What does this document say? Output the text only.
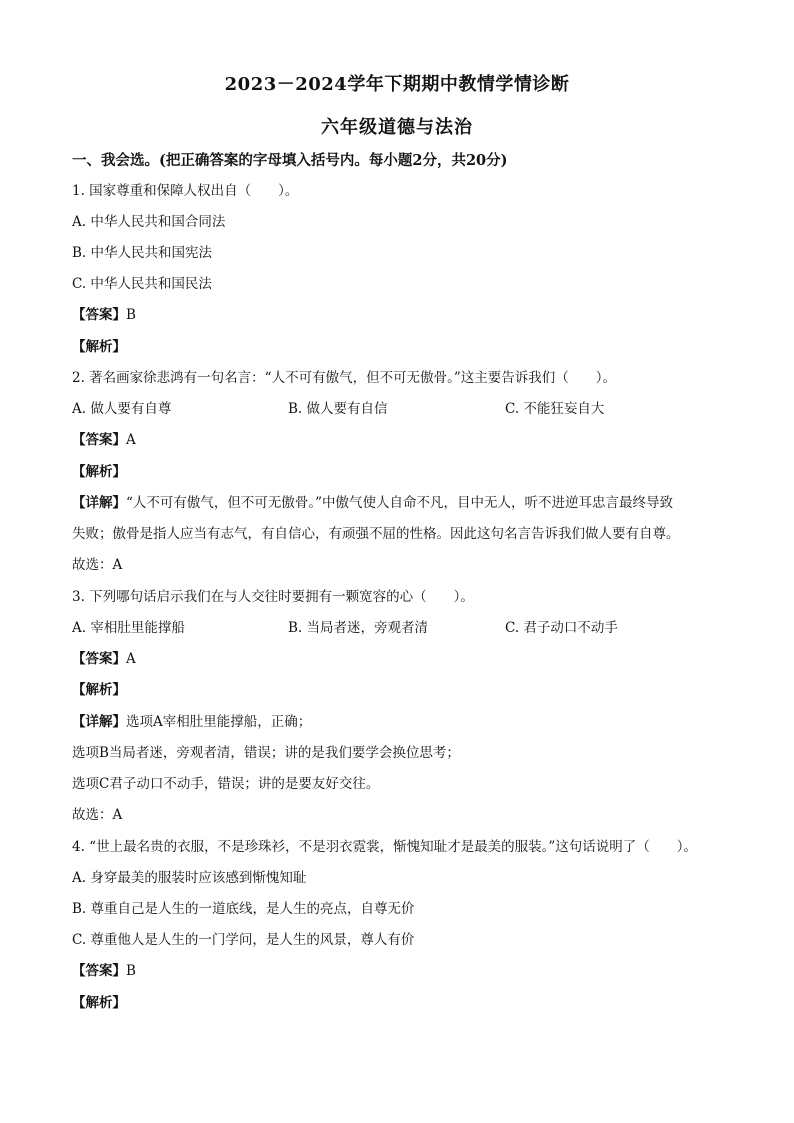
2023－2024学年下期期中教情学情诊断
六年级道德与法治
一、我会选。(把正确答案的字母填入括号内。每小题2分，共20分)
1. 国家尊重和保障人权出自（　　）。
A. 中华人民共和国合同法
B. 中华人民共和国宪法
C. 中华人民共和国民法
【答案】B
【解析】
2. 著名画家徐悲鸿有一句名言：“人不可有傲气，但不可无傲骨。”这主要告诉我们（　　）。
A. 做人要有自尊	B. 做人要有自信	C. 不能狂妄自大
【答案】A
【解析】
【详解】“人不可有傲气，但不可无傲骨。”中傲气使人自命不凡，目中无人，听不进逆耳忠言最终导致
失败；傲骨是指人应当有志气，有自信心，有顽强不屈的性格。因此这句名言告诉我们做人要有自尊。
故选：A
3. 下列哪句话启示我们在与人交往时要拥有一颗宽容的心（　　）。
A. 宰相肚里能撑船	B. 当局者迷，旁观者清	C. 君子动口不动手
【答案】A
【解析】
【详解】选项A宰相肚里能撑船，正确；
选项B当局者迷，旁观者清，错误；讲的是我们要学会换位思考；
选项C君子动口不动手，错误；讲的是要友好交往。
故选：A
4. “世上最名贵的衣服，不是珍珠衫，不是羽衣霓裳，惭愧知耻才是最美的服装。”这句话说明了（　　）。
A. 身穿最美的服装时应该感到惭愧知耻
B. 尊重自己是人生的一道底线，是人生的亮点，自尊无价
C. 尊重他人是人生的一门学问，是人生的风景，尊人有价
【答案】B
【解析】
